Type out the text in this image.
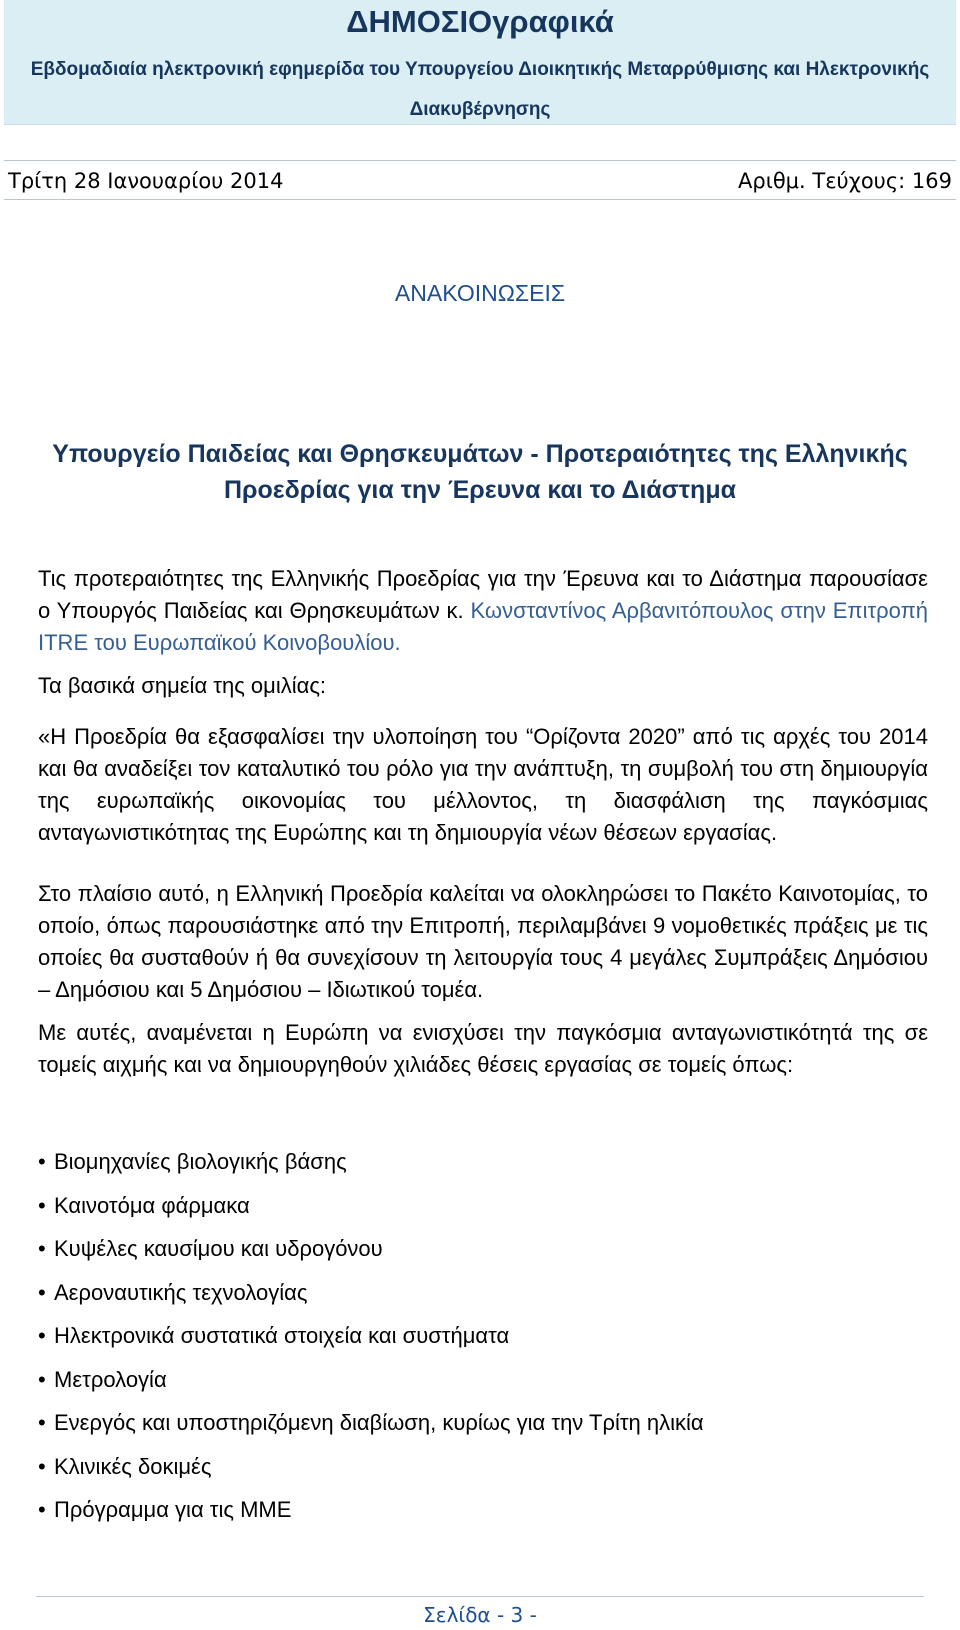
ΔΗΜΟΣΙΟγραφικά
Εβδομαδιαία ηλεκτρονική εφημερίδα του Υπουργείου Διοικητικής Μεταρρύθμισης και Ηλεκτρονικής Διακυβέρνησης
Τρίτη 28 Ιανουαρίου 2014	Αριθμ. Τεύχους: 169
ΑΝΑΚΟΙΝΩΣΕΙΣ
Υπουργείο Παιδείας και Θρησκευμάτων - Προτεραιότητες της Ελληνικής Προεδρίας για την Έρευνα και το Διάστημα
Τις προτεραιότητες της Ελληνικής Προεδρίας για την Έρευνα και το Διάστημα παρουσίασε ο Υπουργός Παιδείας και Θρησκευμάτων κ. Κωνσταντίνος Αρβανιτόπουλος στην Επιτροπή ITRE του Ευρωπαϊκού Κοινοβουλίου.
Τα βασικά σημεία της ομιλίας:
«Η Προεδρία θα εξασφαλίσει την υλοποίηση του “Ορίζοντα 2020” από τις αρχές του 2014 και θα αναδείξει τον καταλυτικό του ρόλο για την ανάπτυξη, τη συμβολή του στη δημιουργία της ευρωπαϊκής οικονομίας του μέλλοντος, τη διασφάλιση της παγκόσμιας ανταγωνιστικότητας της Ευρώπης και τη δημιουργία νέων θέσεων εργασίας.
Στο πλαίσιο αυτό, η Ελληνική Προεδρία καλείται να ολοκληρώσει το Πακέτο Καινοτομίας, το οποίο, όπως παρουσιάστηκε από την Επιτροπή, περιλαμβάνει 9 νομοθετικές πράξεις με τις οποίες θα συσταθούν ή θα συνεχίσουν τη λειτουργία τους 4 μεγάλες Συμπράξεις Δημόσιου – Δημόσιου και 5 Δημόσιου – Ιδιωτικού τομέα.
Με αυτές, αναμένεται η Ευρώπη να ενισχύσει την παγκόσμια ανταγωνιστικότητά της σε τομείς αιχμής και να δημιουργηθούν χιλιάδες θέσεις εργασίας σε τομείς όπως:
• Βιομηχανίες βιολογικής βάσης
• Καινοτόμα φάρμακα
• Κυψέλες καυσίμου και υδρογόνου
• Αεροναυτικής τεχνολογίας
• Ηλεκτρονικά συστατικά στοιχεία και συστήματα
• Μετρολογία
• Ενεργός και υποστηριζόμενη διαβίωση, κυρίως για την Τρίτη ηλικία
• Κλινικές δοκιμές
• Πρόγραμμα για τις ΜΜΕ
Σελίδα - 3 -
